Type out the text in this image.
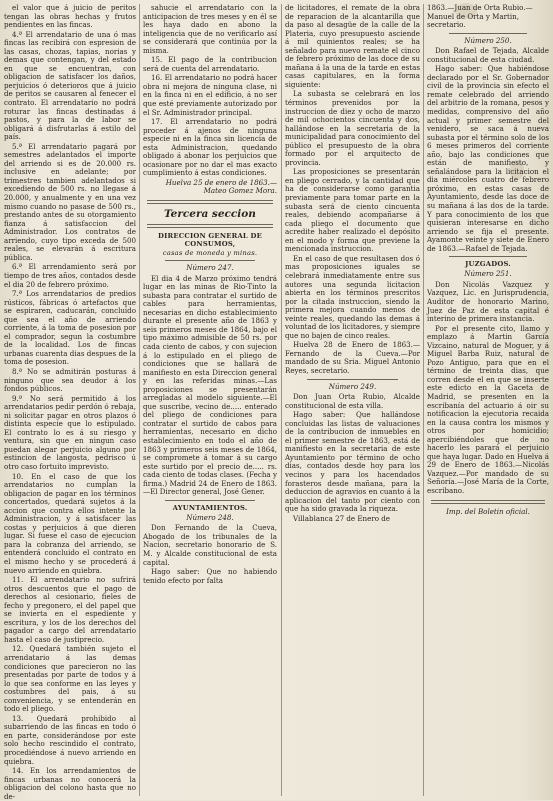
el valor que á juicio de peritos tengan las obras hechas y frutos pendientes en las fincas.

4.ª El arrendatario de una ó mas fincas las recibirá con espresion de las casas, chozas, tapias, norias y demas que contengan, y del estado en que se encuentran, con obligacion de satisfacer los daños, perjuicios ó deterioros que á juicio de peritos se causaren al fenecer el contrato. El arrendatario no podrá roturar las fincas destinadas á pastos, y para la de labor se obligará á disfrutarlas á estilo del país.

5.ª El arrendatario pagará por semestres adelantados el importe del arriendo si es de 20.000 rs. inclusive en adelante; por trimestres tambien adelantados si excediendo de 500 rs. no llegase á 20.000, y anualmente y en una vez mismo cuando no pasase de 500 rs., prestando antes de su otorgamiento fianza á satisfaccion del Administrador. Los contratos de arriendo, cuyo tipo exceda de 500 reales, se elevarán á escritura pública.

6.ª El arrendamiento será por tiempo de tres años, contados desde el dia 20 de febrero próximo.

7.ª Los arrendatarios de predios rústicos, fábricas ó artefactos que se espiraren, caducarán, concluido que sea el año de arriendo corriente, á la toma de posesion por el comprador, segun la costumbre de la localidad. Los de fincas urbanas cuarenta dias despues de la toma de posesion.

8.ª No se admitirán posturas á ninguno que sea deudor á los fondos públicos.

9.ª No será permitido á los arrendatarios pedir perdón ó rebaja, ni solicitar pagar en otros plazos ó distinta especie que lo estipulado. El contrato lo es á su riesgo y ventura, sin que en ningun caso puedan alegar perjuicio alguno por estincion de langosta, pedrisco ú otro caso fortuito imprevisto.

10. En el caso de que los arrendatarios no cumplan la obligacion de pagar en los términos concertados, quedará sujetos á la accion que contra ellos intente la Administracion, y á satisfacer las costas y perjuicios á que dieren lugar. Si fuese el caso de ejecucion para la cobranza del arriendo, se entenderá concluido el contrato en el mismo hecho y se procederá á nuevo arriendo en quiebra.

11. El arrendatario no sufrirá otros descuentos que el pago de derechos al cesionario, fieles de fecho y pregonero, el del papel que se invierta en el espediente y escritura, y los de los derechos del pagador a cargo del arrendatario hasta el caso de justiprecio.

12. Quedará también sujeto el arrendatario á las demas condiciones que parecieron no las presentadas por parte de todos y á lo que sea conforme en las leyes y costumbres del pais, á su conveniencia, y se entenderán en todo el pliego.

13. Quedará prohibido al subarriendo de las fincas en todo ó en parte, considerándose por este solo hecho rescindido el contrato, procediéndose á nuevo arriendo en quiebra.

14. En los arrendamientos de fincas urbanas no conocerá la obligacion del colono hasta que no de-

sahucie el arrendatario con la anticipacion de tres meses y en él se les haya dado en abono la inteligencia que de no verificarlo así se considerará que continúa por la misma.

15. El pago de la contribucion será de cuenta del arrendatario.

16. El arrendatario no podrá hacer obra ni mejora de ninguna clase, ni en la finca ni en el edificio, á no ser que esté previamente autorizado por el Sr. Administrador principal.

17. El arrendatario no podrá proceder á ajenos de ninguna especie ni en la finca sin licencia de esta Administracion, quedando obligado á abonar los perjuicios que ocasionare por no dar el mas exacto cumplimiento á estas condiciones.

Huelva 25 de enero de 1863.—Mateo Gomez Mora.

Tercera seccion

DIRECCION GENERAL DE CONSUMOS,

casas de moneda y minas.

Número 247.

El dia 4 de Marzo próximo tendrá lugar en las minas de Rio-Tinto la subasta para contratar el surtido de cables para herramientas, necesarias en dicho establecimiento durante el presente año de 1863 y seis primeros meses de 1864, bajo el tipo máximo admisible de 50 rs. por cada ciento de cabos, y con sujecion á lo estipulado en el pliego de condiciones que se hallará de manifiesto en esta Direccion general y en las referidas minas.—Las proposiciones se presentarán arregladas al modelo siguiente.—El que suscribe, vecino de..... enterado del pliego de condiciones para contratar el surtido de cabos para herramientas, necesario en dicho establecimiento en todo el año de 1863 y primeros seis meses de 1864, se compromete á tomar á su cargo este surtido por el precio de..... rs. cada ciento de todas clases. (Fecha y firma.) Madrid 24 de Enero de 1863.—El Director general, José Gener.

AYUNTAMIENTOS.

Número 248.

Don Fernando de la Cueva, Abogado de los tribunales de la Nacion, secretario honorario de S. M. y Alcalde constitucional de esta capital.

Hago saber: Que no habiendo tenido efecto por falta

de licitadores, el remate de la obra de reparacion de la alcantarilla que da paso al desagüe de la calle de la Plateria, cuyo presupuesto asciende á mil quinientos reales; se ha señalado para nuevo remate el cinco de febrero próximo de las doce de su mañana á la una de la tarde en estas casas capitulares, en la forma siguiente:

La subasta se celebrará en los términos prevenidos por la instruccion de diez y ocho de marzo de mil ochocientos cincuenta y dos, hallándose en la secretaria de la municipalidad para conocimiento del público el presupuesto de la obra formado por el arquitecto de provincia.

Las proposiciones se presentarán en pliego cerrado, y la cantidad que ha de considerarse como garantia previamente para tomar parte en la subasta será de ciento cincuenta reales, debiendo acompañarse á cada pliego el documento que acredite haber realizado el depósito en el modo y forma que previene la mencionada instruccion.

En el caso de que resultasen dos ó mas proposiciones iguales se celebrará inmediatamente entre sus autores una segunda licitacion abierta en los términos prescritos por la citada instruccion, siendo la primera mejora cuando menos de veinte reales, quedando las demas á voluntad de los licitadores, y siempre que no bajen de cinco reales.

Huelva 28 de Enero de 1863.—Fernando de la Cueva.—Por mandado de su Sria. Miguel Antonio Reyes, secretario.

Número 249.

Don Juan Orta Rubio, Alcalde constitucional de esta villa.

Hago saber: Que hallándose concluidas las listas de valuaciones de la contribucion de inmuebles en el primer semestre de 1863, está de manifiesto en la secretaria de este Ayuntamiento por término de ocho dias, contados desde hoy para los vecinos y para los hacendados forasteros desde mañana, para la deduccion de agravios en cuanto á la aplicacion del tanto por ciento con que ha sido gravada la riqueza.

Villablanca 27 de Enero de

1863.—Juan de Orta Rubio.—Manuel de Orta y Martin, secretario.

Número 250.

Don Rafael de Tejada, Alcalde constitucional de esta ciudad.

Hago saber: Que habiéndose declarado por el Sr. Gobernador civil de la provincia sin efecto el remate celebrado del arriendo del arbitrio de la romana, pesos y medidas, comprensivo del año actual y primer semestre del venidero, se saca á nueva subasta por el término solo de los 6 meses primeros del corriente año, bajo las condiciones que están de manifiesto, y señalándose para la licitacion el dia miércoles cuatro de febrero próximo, en estas casas de Ayuntamiento, desde las doce de su mañana á las dos de la tarde. Y para conocimiento de los que quisieran interesarse en dicho arriendo se fija el presente. Ayamonte veinte y siete de Enero de 1863.—Rafael de Tejada.

JUZGADOS.

Número 251.

Don Nicolás Vazquez y Vazquez, Lic. en Jurisprudencia, Auditor de honorario Marino, Juez de Paz de esta capital é interino de primera instancia.

Por el presente cito, llamo y emplazo á Martin García Vizcaino, natural de Moguer, y á Miguel Barba Ruiz, natural de Pozo Antiguo, para que en el término de treinta dias, que corren desde el en que se inserte este edicto en la Gaceta de Madrid, se presenten en la escribanía del actuario á oir su notificacion la ejecutoria recaida en la causa contra los mismos y otros por homicidio; apercibiéndoles que de no hacerlo les parará el perjuicio que haya lugar. Dado en Huelva á 29 de Enero de 1863.—Nicolás Vazquez.—Por mandado de su Señoría.—José María de la Corte, escribano.

Imp. del Boletin oficial.
